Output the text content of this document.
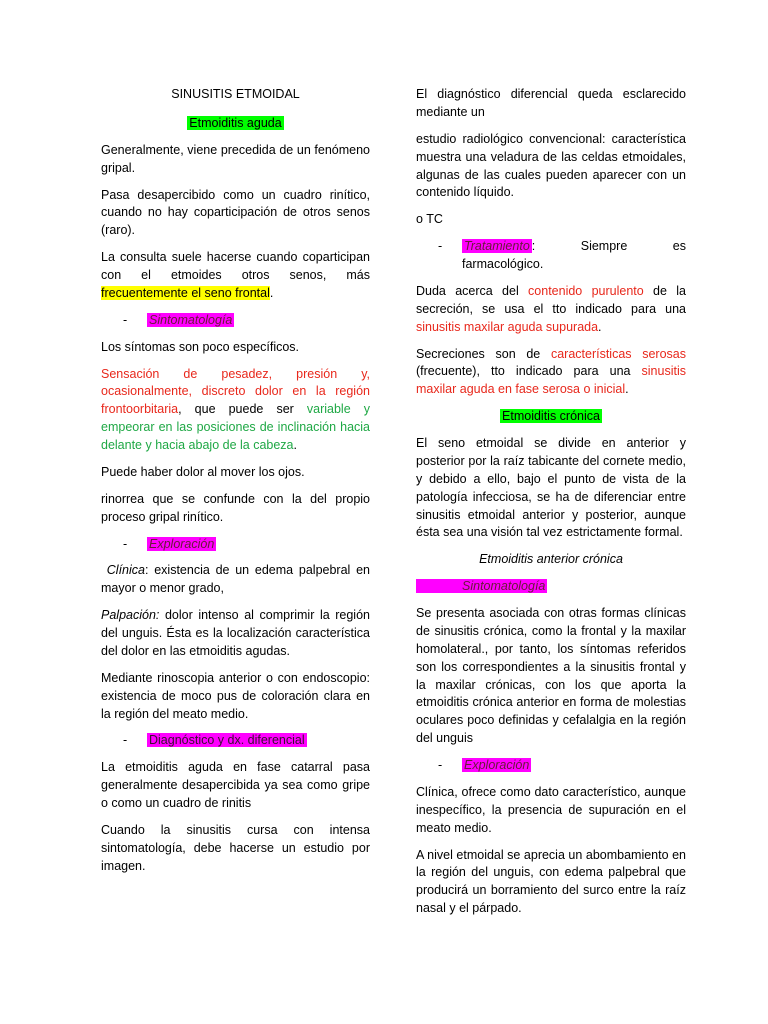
SINUSITIS ETMOIDAL

Etmoiditis aguda

Generalmente, viene precedida de un fenómeno gripal.

Pasa desapercibido como un cuadro rinítico, cuando no hay coparticipación de otros senos (raro).

La consulta suele hacerse cuando coparticipan con el etmoides otros senos, más frecuentemente el seno frontal.

-	Sintomatología

Los síntomas son poco específicos.

Sensación de pesadez, presión y, ocasionalmente, discreto dolor en la región frontoorbitaria, que puede ser variable y empeorar en las posiciones de inclinación hacia delante y hacia abajo de la cabeza.

Puede haber dolor al mover los ojos.

rinorrea que se confunde con la del propio proceso gripal rinítico.

-	Exploración

Clínica: existencia de un edema palpebral en mayor o menor grado,

Palpación: dolor intenso al comprimir la región del unguis. Ésta es la localización característica del dolor en las etmoiditis agudas.

Mediante rinoscopia anterior o con endoscopio: existencia de moco pus de coloración clara en la región del meato medio.

-	Diagnóstico y dx. diferencial

La etmoiditis aguda en fase catarral pasa generalmente desapercibida ya sea como gripe o como un cuadro de rinitis

Cuando la sinusitis cursa con intensa sintomatología, debe hacerse un estudio por imagen.

El diagnóstico diferencial queda esclarecido mediante un

estudio radiológico convencional: característica muestra una veladura de las celdas etmoidales, algunas de las cuales pueden aparecer con un contenido líquido.

o TC

-	Tratamiento : Siempre es farmacológico.

Duda acerca del contenido purulento de la secreción, se usa el tto indicado para una sinusitis maxilar aguda supurada.

Secreciones son de características serosas (frecuente), tto indicado para una sinusitis maxilar aguda en fase serosa o inicial.

Etmoiditis crónica

El seno etmoidal se divide en anterior y posterior por la raíz tabicante del cornete medio, y debido a ello, bajo el punto de vista de la patología infecciosa, se ha de diferenciar entre sinusitis etmoidal anterior y posterior, aunque ésta sea una visión tal vez estrictamente formal.

Etmoiditis anterior crónica

Sintomatología

Se presenta asociada con otras formas clínicas de sinusitis crónica, como la frontal y la maxilar homolateral., por tanto, los síntomas referidos son los correspondientes a la sinusitis frontal y la maxilar crónicas, con los que aporta la etmoiditis crónica anterior en forma de molestias oculares poco definidas y cefalalgia en la región del unguis

-	Exploración

Clínica, ofrece como dato característico, aunque inespecífico, la presencia de supuración en el meato medio.

A nivel etmoidal se aprecia un abombamiento en la región del unguis, con edema palpebral que producirá un borramiento del surco entre la raíz nasal y el párpado.
